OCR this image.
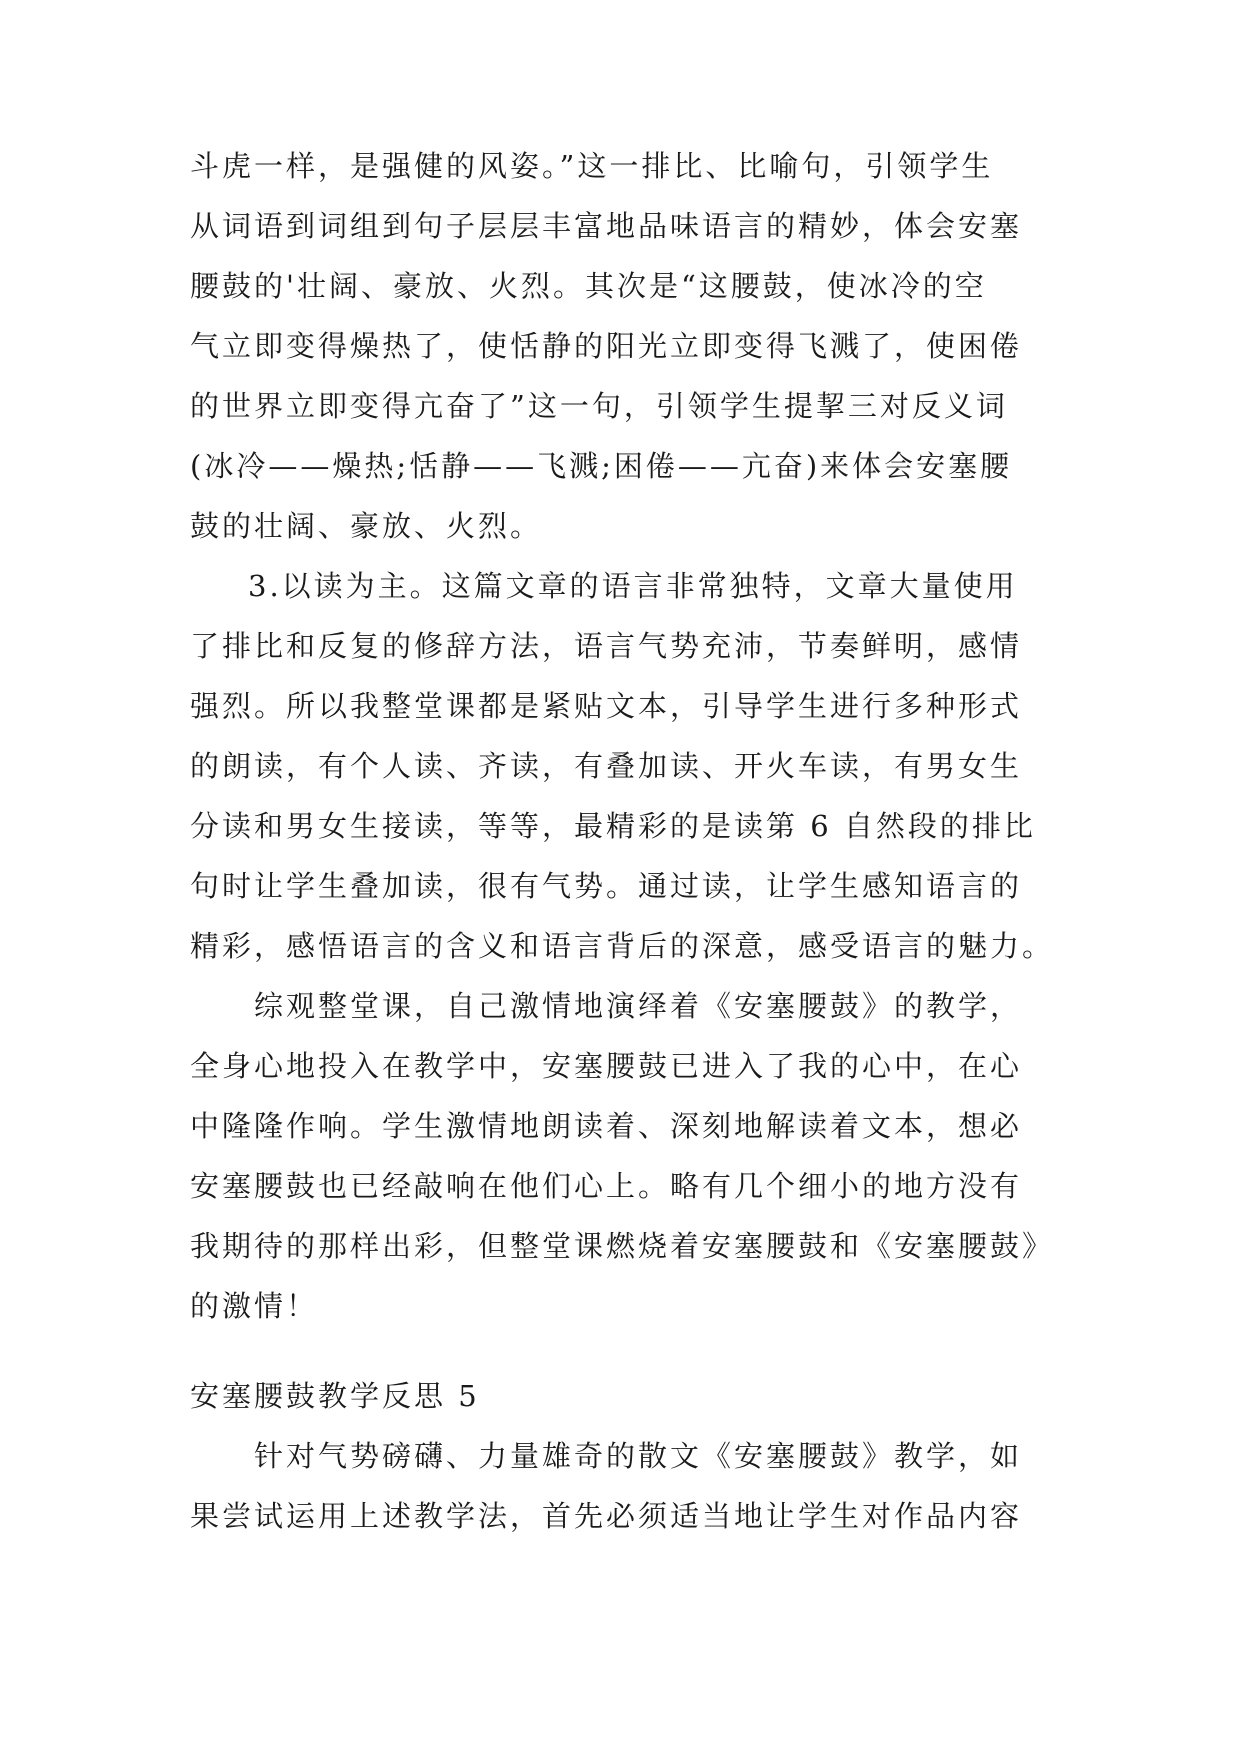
斗虎一样，是强健的风姿。”这一排比、比喻句，引领学生
从词语到词组到句子层层丰富地品味语言的精妙，体会安塞
腰鼓的'壮阔、豪放、火烈。其次是“这腰鼓，使冰冷的空
气立即变得燥热了，使恬静的阳光立即变得飞溅了，使困倦
的世界立即变得亢奋了”这一句，引领学生提挈三对反义词
(冰冷——燥热;恬静——飞溅;困倦——亢奋)来体会安塞腰
鼓的壮阔、豪放、火烈。
3.以读为主。这篇文章的语言非常独特，文章大量使用
了排比和反复的修辞方法，语言气势充沛，节奏鲜明，感情
强烈。所以我整堂课都是紧贴文本，引导学生进行多种形式
的朗读，有个人读、齐读，有叠加读、开火车读，有男女生
分读和男女生接读，等等，最精彩的是读第 6 自然段的排比
句时让学生叠加读，很有气势。通过读，让学生感知语言的
精彩，感悟语言的含义和语言背后的深意，感受语言的魅力。
综观整堂课，自己激情地演绎着《安塞腰鼓》的教学，
全身心地投入在教学中，安塞腰鼓已进入了我的心中，在心
中隆隆作响。学生激情地朗读着、深刻地解读着文本，想必
安塞腰鼓也已经敲响在他们心上。略有几个细小的地方没有
我期待的那样出彩，但整堂课燃烧着安塞腰鼓和《安塞腰鼓》
的激情！
安塞腰鼓教学反思 5
针对气势磅礴、力量雄奇的散文《安塞腰鼓》教学，如
果尝试运用上述教学法，首先必须适当地让学生对作品内容
